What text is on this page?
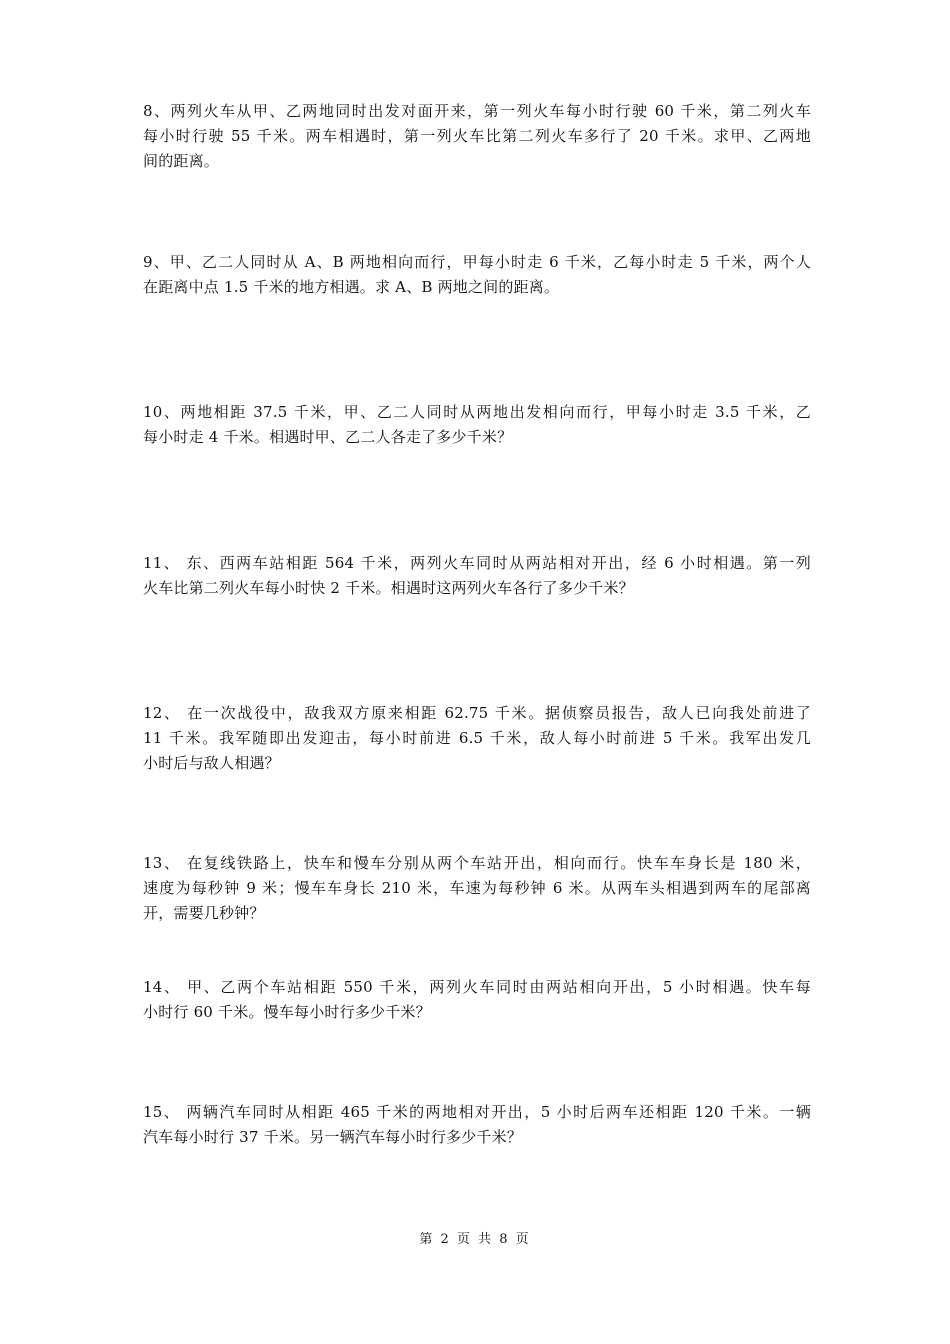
8、两列火车从甲、乙两地同时出发对面开来，第一列火车每小时行驶 60 千米，第二列火车
每小时行驶 55 千米。两车相遇时，第一列火车比第二列火车多行了 20 千米。求甲、乙两地
间的距离。
9、甲、乙二人同时从 A、B 两地相向而行，甲每小时走 6 千米，乙每小时走 5 千米，两个人
在距离中点 1.5 千米的地方相遇。求 A、B 两地之间的距离。
10、两地相距 37.5 千米，甲、乙二人同时从两地出发相向而行，甲每小时走 3.5 千米，乙
每小时走 4 千米。相遇时甲、乙二人各走了多少千米？
11、 东、西两车站相距 564 千米，两列火车同时从两站相对开出，经 6 小时相遇。第一列
火车比第二列火车每小时快 2 千米。相遇时这两列火车各行了多少千米？
12、 在一次战役中，敌我双方原来相距 62.75 千米。据侦察员报告，敌人已向我处前进了
11 千米。我军随即出发迎击，每小时前进 6.5 千米，敌人每小时前进 5 千米。我军出发几
小时后与敌人相遇？
13、 在复线铁路上，快车和慢车分别从两个车站开出，相向而行。快车车身长是 180 米，
速度为每秒钟 9 米；慢车车身长 210 米，车速为每秒钟 6 米。从两车头相遇到两车的尾部离
开，需要几秒钟？
14、 甲、乙两个车站相距 550 千米，两列火车同时由两站相向开出，5 小时相遇。快车每
小时行 60 千米。慢车每小时行多少千米？
15、 两辆汽车同时从相距 465 千米的两地相对开出，5 小时后两车还相距 120 千米。一辆
汽车每小时行 37 千米。另一辆汽车每小时行多少千米？
第 2 页 共 8 页
